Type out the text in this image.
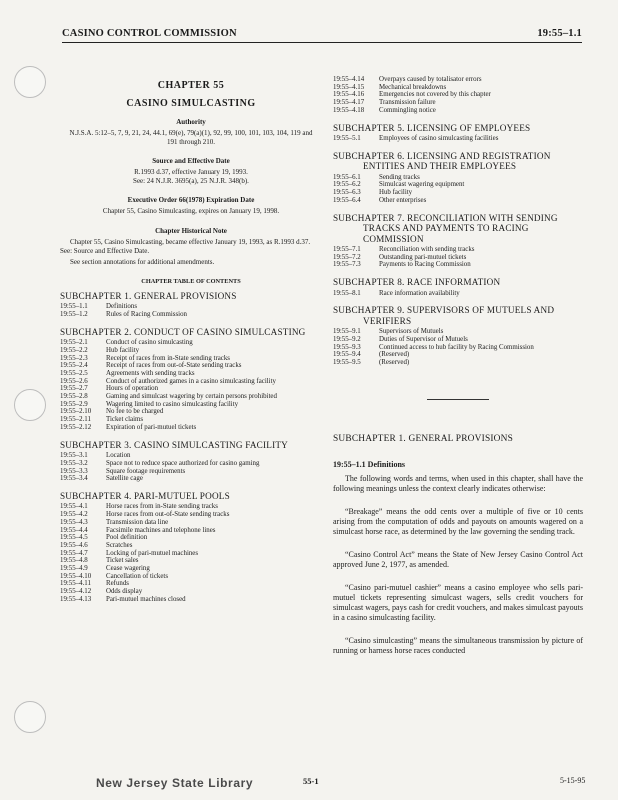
CASINO CONTROL COMMISSION	19:55–1.1
CHAPTER 55
CASINO SIMULCASTING
Authority
N.J.S.A. 5:12–5, 7, 9, 21, 24, 44.1, 69(e), 79(a)(1), 92, 99, 100, 101, 103, 104, 119 and 191 through 210.
Source and Effective Date
R.1993 d.37, effective January 19, 1993.
See: 24 N.J.R. 3695(a), 25 N.J.R. 348(b).
Executive Order 66(1978) Expiration Date
Chapter 55, Casino Simulcasting, expires on January 19, 1998.
Chapter Historical Note
Chapter 55, Casino Simulcasting, became effective January 19, 1993, as R.1993 d.37. See: Source and Effective Date.
See section annotations for additional amendments.
CHAPTER TABLE OF CONTENTS
SUBCHAPTER 1. GENERAL PROVISIONS
19:55–1.1	Definitions
19:55–1.2	Rules of Racing Commission
SUBCHAPTER 2. CONDUCT OF CASINO SIMULCASTING
19:55–2.1	Conduct of casino simulcasting
19:55–2.2	Hub facility
19:55–2.3	Receipt of races from in-State sending tracks
19:55–2.4	Receipt of races from out-of-State sending tracks
19:55–2.5	Agreements with sending tracks
19:55–2.6	Conduct of authorized games in a casino simulcasting facility
19:55–2.7	Hours of operation
19:55–2.8	Gaming and simulcast wagering by certain persons prohibited
19:55–2.9	Wagering limited to casino simulcasting facility
19:55–2.10	No fee to be charged
19:55–2.11	Ticket claims
19:55–2.12	Expiration of pari-mutuel tickets
SUBCHAPTER 3. CASINO SIMULCASTING FACILITY
19:55–3.1	Location
19:55–3.2	Space not to reduce space authorized for casino gaming
19:55–3.3	Square footage requirements
19:55–3.4	Satellite cage
SUBCHAPTER 4. PARI-MUTUEL POOLS
19:55–4.1	Horse races from in-State sending tracks
19:55–4.2	Horse races from out-of-State sending tracks
19:55–4.3	Transmission data line
19:55–4.4	Facsimile machines and telephone lines
19:55–4.5	Pool definition
19:55–4.6	Scratches
19:55–4.7	Locking of pari-mutuel machines
19:55–4.8	Ticket sales
19:55–4.9	Cease wagering
19:55–4.10	Cancellation of tickets
19:55–4.11	Refunds
19:55–4.12	Odds display
19:55–4.13	Pari-mutuel machines closed
19:55–4.14	Overpays caused by totalisator errors
19:55–4.15	Mechanical breakdowns
19:55–4.16	Emergencies not covered by this chapter
19:55–4.17	Transmission failure
19:55–4.18	Commingling notice
SUBCHAPTER 5. LICENSING OF EMPLOYEES
19:55–5.1	Employees of casino simulcasting facilities
SUBCHAPTER 6. LICENSING AND REGISTRATION ENTITIES AND THEIR EMPLOYEES
19:55–6.1	Sending tracks
19:55–6.2	Simulcast wagering equipment
19:55–6.3	Hub facility
19:55–6.4	Other enterprises
SUBCHAPTER 7. RECONCILIATION WITH SENDING TRACKS AND PAYMENTS TO RACING COMMISSION
19:55–7.1	Reconciliation with sending tracks
19:55–7.2	Outstanding pari-mutuel tickets
19:55–7.3	Payments to Racing Commission
SUBCHAPTER 8. RACE INFORMATION
19:55–8.1	Race information availability
SUBCHAPTER 9. SUPERVISORS OF MUTUELS AND VERIFIERS
19:55–9.1	Supervisors of Mutuels
19:55–9.2	Duties of Supervisor of Mutuels
19:55–9.3	Continued access to hub facility by Racing Commission
19:55–9.4	(Reserved)
19:55–9.5	(Reserved)
SUBCHAPTER 1. GENERAL PROVISIONS
19:55–1.1 Definitions

The following words and terms, when used in this chapter, shall have the following meanings unless the context clearly indicates otherwise:

“Breakage” means the odd cents over a multiple of five or 10 cents arising from the computation of odds and payouts on amounts wagered on a simulcast horse race, as determined by the law governing the sending track.

“Casino Control Act” means the State of New Jersey Casino Control Act approved June 2, 1977, as amended.

“Casino pari-mutuel cashier” means a casino employee who sells pari-mutuel tickets representing simulcast wagers, sells credit vouchers for simulcast wagers, pays cash for credit vouchers, and makes simulcast payouts in a casino simulcasting facility.

“Casino simulcasting” means the simultaneous transmission by picture of running or harness horse races conducted

New Jersey State Library	55-1	5-15-95
